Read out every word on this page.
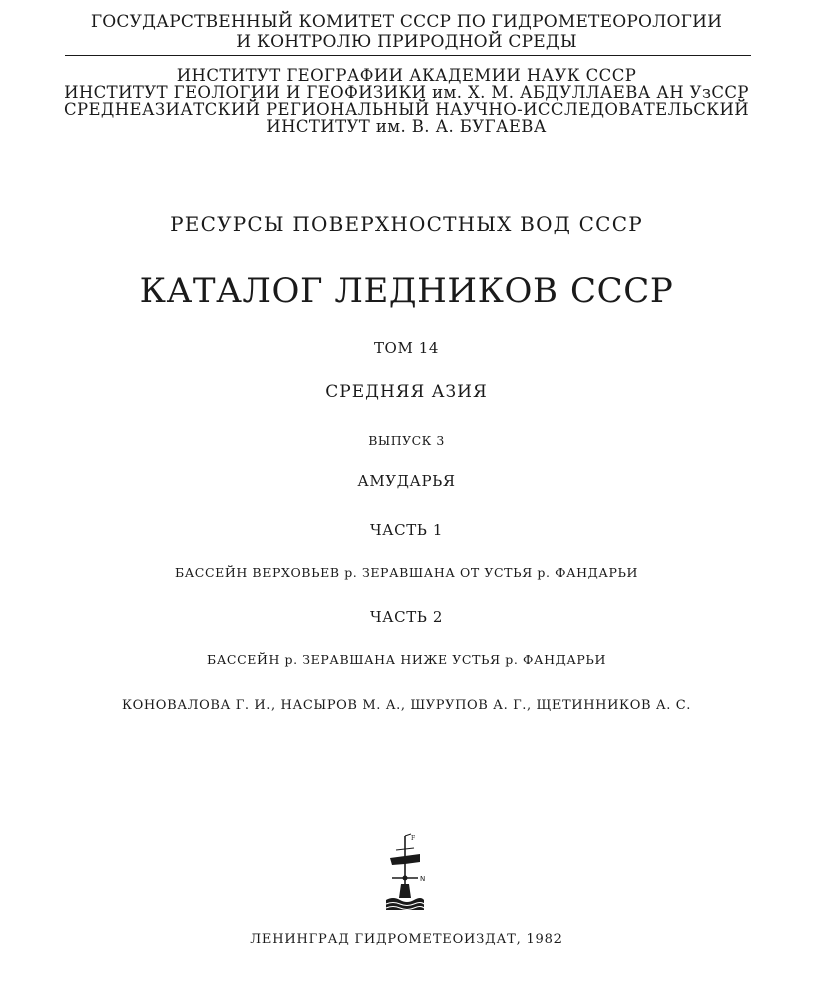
ГОСУДАРСТВЕННЫЙ КОМИТЕТ СССР ПО ГИДРОМЕТЕОРОЛОГИИ
И КОНТРОЛЮ ПРИРОДНОЙ СРЕДЫ
ИНСТИТУТ ГЕОГРАФИИ АКАДЕМИИ НАУК СССР
ИНСТИТУТ ГЕОЛОГИИ И ГЕОФИЗИКИ им. Х. М. АБДУЛЛАЕВА АН УзССР
СРЕДНЕАЗИАТСКИЙ РЕГИОНАЛЬНЫЙ НАУЧНО-ИССЛЕДОВАТЕЛЬСКИЙ
ИНСТИТУТ им. В. А. БУГАЕВА
РЕСУРСЫ ПОВЕРХНОСТНЫХ ВОД СССР
КАТАЛОГ ЛЕДНИКОВ СССР
ТОМ 14
СРЕДНЯЯ АЗИЯ
ВЫПУСК 3
АМУДАРЬЯ
ЧАСТЬ 1
БАССЕЙН ВЕРХОВЬЕВ р. ЗЕРАВШАНА ОТ УСТЬЯ р. ФАНДАРЬИ
ЧАСТЬ 2
БАССЕЙН р. ЗЕРАВШАНА НИЖЕ УСТЬЯ р. ФАНДАРЬИ
КОНОВАЛОВА Г. И., НАСЫРОВ М. А., ШУРУПОВ А. Г., ЩЕТИННИКОВ А. С.
F
N
ЛЕНИНГРАД ГИДРОМЕТЕОИЗДАТ, 1982
